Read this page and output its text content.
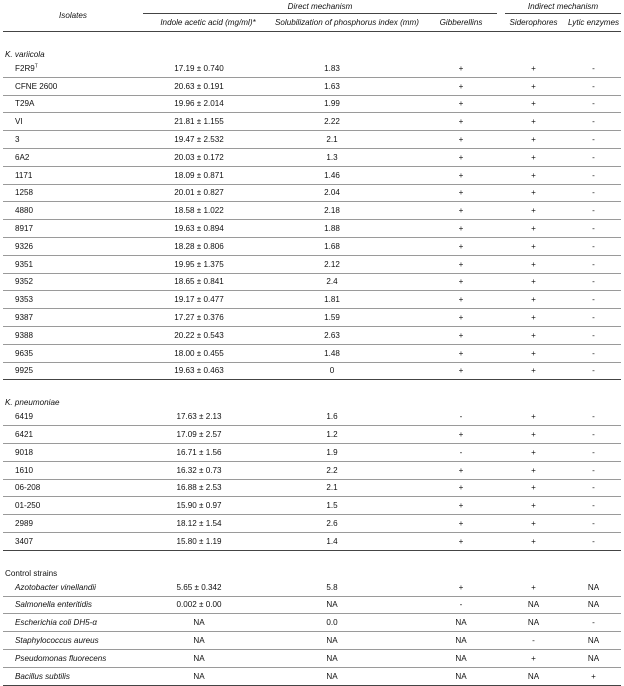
Isolates	Direct mechanism			Indirect mechanism	
	Indole acetic acid (mg/ml)*	Solubilization of phosphorus index (mm)	Gibberellins	Siderophores	Lytic enzymes

K. variicola					
$F2R9^T$	17.19 ± 0.740	1.83	+	+	-
CFNE 2600	20.63 ± 0.191	1.63	+	+	-
T29A	19.96 ± 2.014	1.99	+	+	-
VI	21.81 ± 1.155	2.22	+	+	-
3	19.47 ± 2.532	2.1	+	+	-
6A2	20.03 ± 0.172	1.3	+	+	-
1171	18.09 ± 0.871	1.46	+	+	-
1258	20.01 ± 0.827	2.04	+	+	-
4880	18.58 ± 1.022	2.18	+	+	-
8917	19.63 ± 0.894	1.88	+	+	-
9326	18.28 ± 0.806	1.68	+	+	-
9351	19.95 ± 1.375	2.12	+	+	-
9352	18.65 ± 0.841	2.4	+	+	-
9353	19.17 ± 0.477	1.81	+	+	-
9387	17.27 ± 0.376	1.59	+	+	-
9388	20.22 ± 0.543	2.63	+	+	-
9635	18.00 ± 0.455	1.48	+	+	-
9925	19.63 ± 0.463	0	+	+	-

K. pneumoniae					
6419	17.63 ± 2.13	1.6	-	+	-
6421	17.09 ± 2.57	1.2	+	+	-
9018	16.71 ± 1.56	1.9	-	+	-
1610	16.32 ± 0.73	2.2	+	+	-
06-208	16.88 ± 2.53	2.1	+	+	-
01-250	15.90 ± 0.97	1.5	+	+	-
2989	18.12 ± 1.54	2.6	+	+	-
3407	15.80 ± 1.19	1.4	+	+	-

Control strains					
Azotobacter vinellandii	5.65 ± 0.342	5.8	+	+	NA
Salmonella enteritidis	0.002 ± 0.00	NA	-	NA	NA
Escherichia coli DH5-α	NA	0.0	NA	NA	-
Staphylococcus aureus	NA	NA	NA	-	NA
Pseudomonas fluorecens	NA	NA	NA	+	NA
Bacillus subtilis	NA	NA	NA	NA	+
